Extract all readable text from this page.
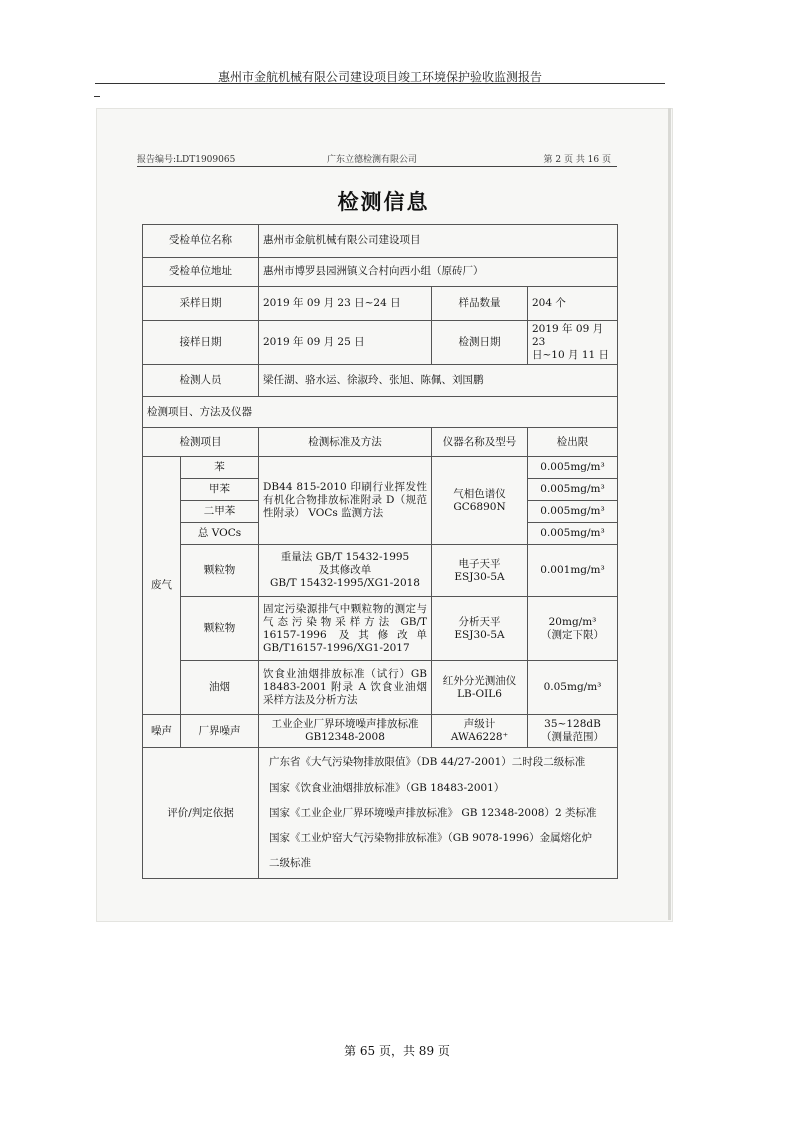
惠州市金航机械有限公司建设项目竣工环境保护验收监测报告
报告编号:LDT1909065	广东立德检测有限公司	第 2 页 共 16 页
检测信息
受检单位名称		惠州市金航机械有限公司建设项目		
受检单位地址		惠州市博罗县园洲镇义合村向西小组（原砖厂）		
采样日期		2019 年 09 月 23 日~24 日	样品数量	204 个
接样日期		2019 年 09 月 25 日	检测日期	2019 年 09 月 23
日~10 月 11 日
检测人员		梁任湖、骆水运、徐淑玲、张旭、陈佩、刘国鹏		
检测项目、方法及仪器				
检测项目		检测标准及方法	仪器名称及型号	检出限
废气	苯	DB44 815-2010 印刷行业挥发性有机化合物排放标准附录 D（规范性附录） VOCs 监测方法	气相色谱仪
GC6890N	0.005mg/m³
	甲苯			0.005mg/m³
	二甲苯			0.005mg/m³
	总 VOCs			0.005mg/m³
	颗粒物	重量法 GB/T 15432-1995
及其修改单
GB/T 15432-1995/XG1-2018	电子天平
ESJ30-5A	0.001mg/m³
	颗粒物	固定污染源排气中颗粒物的测定与气态污染物采样方法 GB/T 16157-1996 及其修改单 GB/T16157-1996/XG1-2017	分析天平
ESJ30-5A	20mg/m³
（测定下限）
	油烟	饮食业油烟排放标准（试行）GB 18483-2001 附录 A 饮食业油烟采样方法及分析方法	红外分光测油仪
LB-OIL6	0.05mg/m³
噪声	厂界噪声	工业企业厂界环境噪声排放标准
GB12348-2008	声级计
AWA6228⁺	35~128dB
（测量范围）
评价/判定依据		广东省《大气污染物排放限值》（DB 44/27-2001）二时段二级标准
国家《饮食业油烟排放标准》（GB 18483-2001）
国家《工业企业厂界环境噪声排放标准》 GB 12348-2008）2 类标准
国家《工业炉窑大气污染物排放标准》（GB 9078-1996）金属熔化炉
二级标准		
第 65 页，共 89 页
